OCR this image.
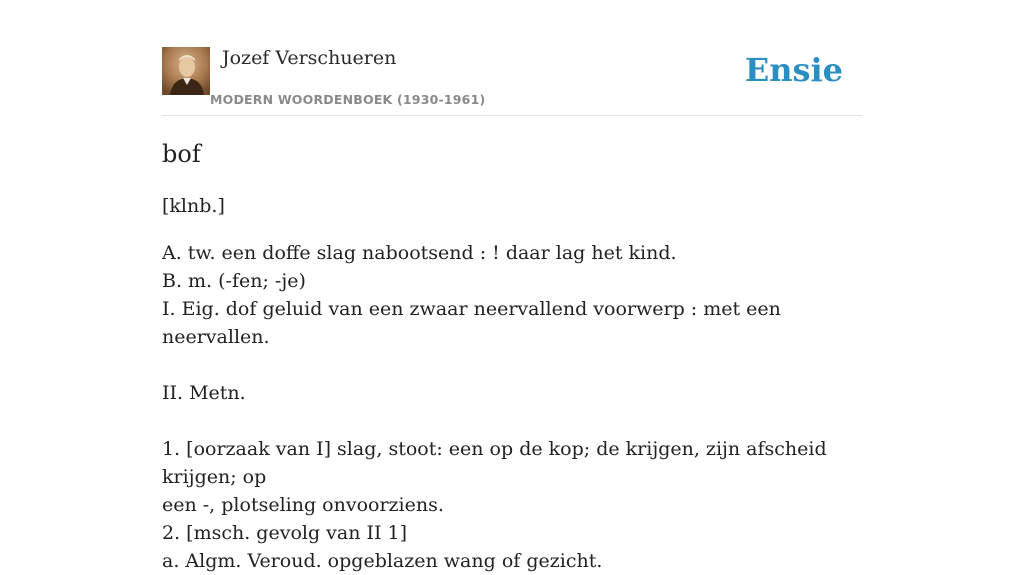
Jozef Verschueren
MODERN WOORDENBOEK (1930-1961)
Ensie
bof
[klnb.]

A. tw. een doffe slag nabootsend : ! daar lag het kind.

B. m. (-fen; -je)

I. Eig. dof geluid van een zwaar neervallend voorwerp : met een neervallen.

II. Metn.

1. [oorzaak van I] slag, stoot: een op de kop; de krijgen, zijn afscheid krijgen; op

een -, plotseling onvoorziens.

2. [msch. gevolg van II 1]

a. Algm. Veroud. opgeblazen wang of gezicht.
